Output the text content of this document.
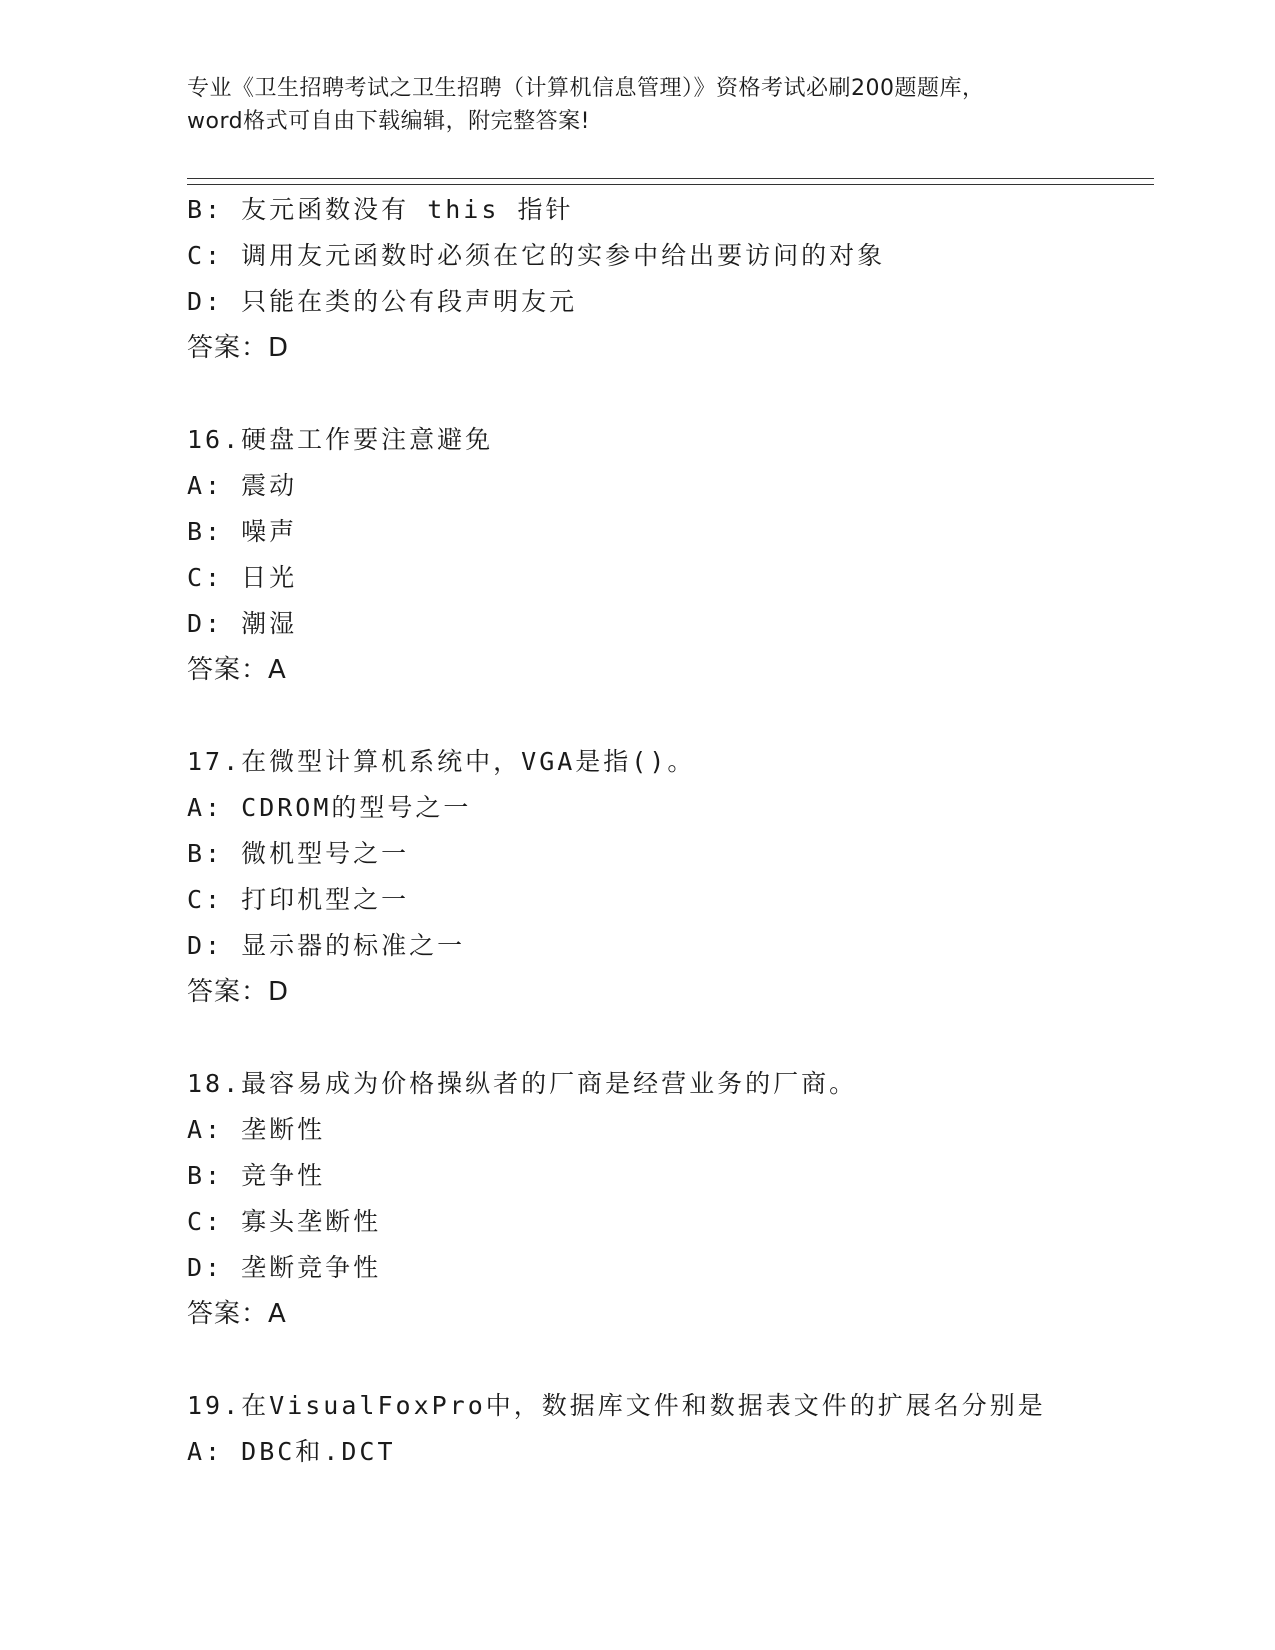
专业《卫生招聘考试之卫生招聘（计算机信息管理）》资格考试必刷200题题库，
word格式可自由下载编辑，附完整答案!
B: 友元函数没有 this 指针
C: 调用友元函数时必须在它的实参中给出要访问的对象
D: 只能在类的公有段声明友元
答案：D
16.硬盘工作要注意避免
A: 震动
B: 噪声
C: 日光
D: 潮湿
答案：A
17.在微型计算机系统中，VGA是指()。
A: CDROM的型号之一
B: 微机型号之一
C: 打印机型之一
D: 显示器的标准之一
答案：D
18.最容易成为价格操纵者的厂商是经营业务的厂商。
A: 垄断性
B: 竞争性
C: 寡头垄断性
D: 垄断竞争性
答案：A
19.在VisualFoxPro中，数据库文件和数据表文件的扩展名分别是
A: DBC和.DCT
